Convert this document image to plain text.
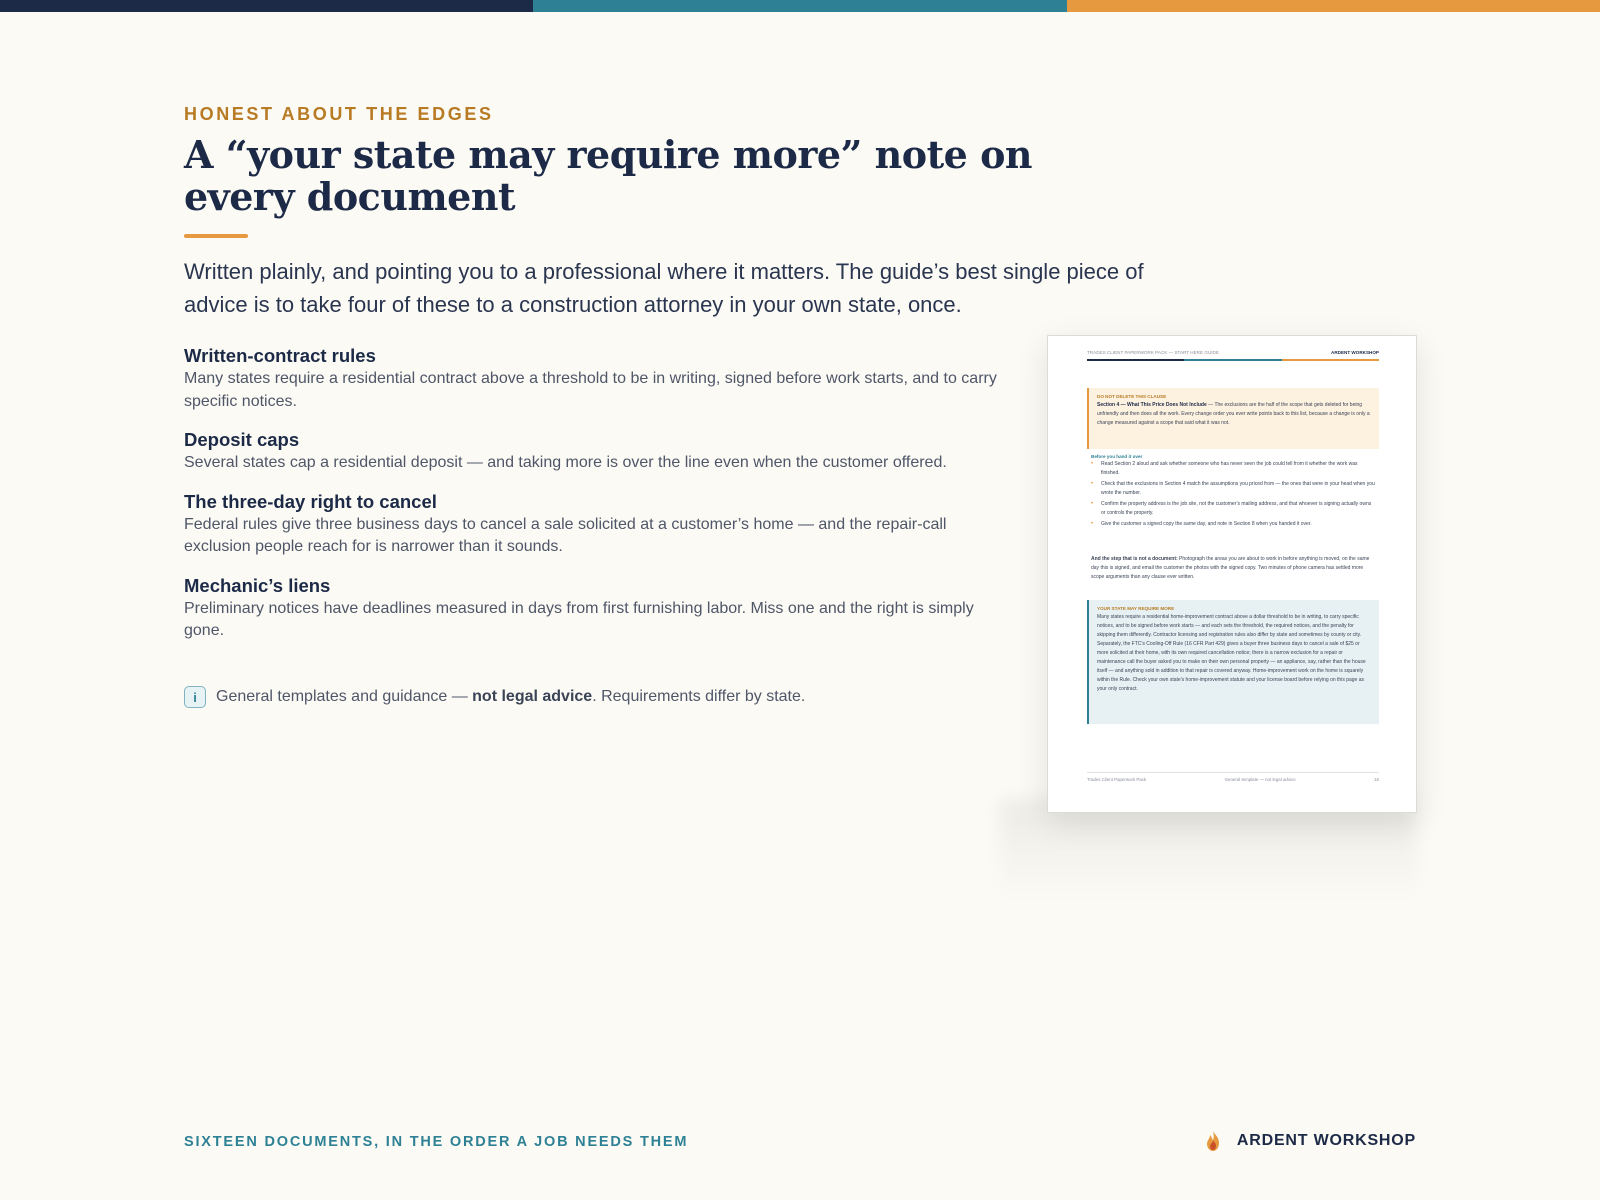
HONEST ABOUT THE EDGES
A “your state may require more” note on every document

Written plainly, and pointing you to a professional where it matters. The guide’s best single piece of advice is to take four of these to a construction attorney in your own state, once.

Written-contract rules
Many states require a residential contract above a threshold to be in writing, signed before work starts, and to carry specific notices.
Deposit caps
Several states cap a residential deposit — and taking more is over the line even when the customer offered.
The three-day right to cancel
Federal rules give three business days to cancel a sale solicited at a customer’s home — and the repair-call exclusion people reach for is narrower than it sounds.
Mechanic’s liens
Preliminary notices have deadlines measured in days from first furnishing labor. Miss one and the right is simply gone.
i	General templates and guidance — not legal advice. Requirements differ by state.
TRADES CLIENT PAPERWORK PACK — START HERE GUIDE	ARDENT WORKSHOP
DO NOT DELETE THIS CLAUSE
Section 4 — What This Price Does Not Include — The exclusions are the half of the scope that gets deleted for being unfriendly and then does all the work. Every change order you ever write points back to this list, because a change is only a change measured against a scope that said what it was not.
Before you hand it over
• Read Section 2 aloud and ask whether someone who has never seen the job could tell from it whether the work was finished.
• Check that the exclusions in Section 4 match the assumptions you priced from — the ones that were in your head when you wrote the number.
• Confirm the property address is the job site, not the customer’s mailing address, and that whoever is signing actually owns or controls the property.
• Give the customer a signed copy the same day, and note in Section 8 when you handed it over.
And the step that is not a document: Photograph the areas you are about to work in before anything is moved, on the same day this is signed, and email the customer the photos with the signed copy. Two minutes of phone camera has settled more scope arguments than any clause ever written.
YOUR STATE MAY REQUIRE MORE
Many states require a residential home-improvement contract above a dollar threshold to be in writing, to carry specific notices, and to be signed before work starts — and each sets the threshold, the required notices, and the penalty for skipping them differently. Contractor licensing and registration rules also differ by state and sometimes by county or city. Separately, the FTC’s Cooling-Off Rule (16 CFR Part 429) gives a buyer three business days to cancel a sale of $25 or more solicited at their home, with its own required cancellation notice; there is a narrow exclusion for a repair or maintenance call the buyer asked you to make on their own personal property — an appliance, say, rather than the house itself — and anything sold in addition to that repair is covered anyway. Home-improvement work on the home is squarely within the Rule. Check your own state’s home-improvement statute and your license board before relying on this page as your only contract.
Trades Client Paperwork Pack	General template — not legal advice	16
SIXTEEN DOCUMENTS, IN THE ORDER A JOB NEEDS THEM	ARDENT WORKSHOP
